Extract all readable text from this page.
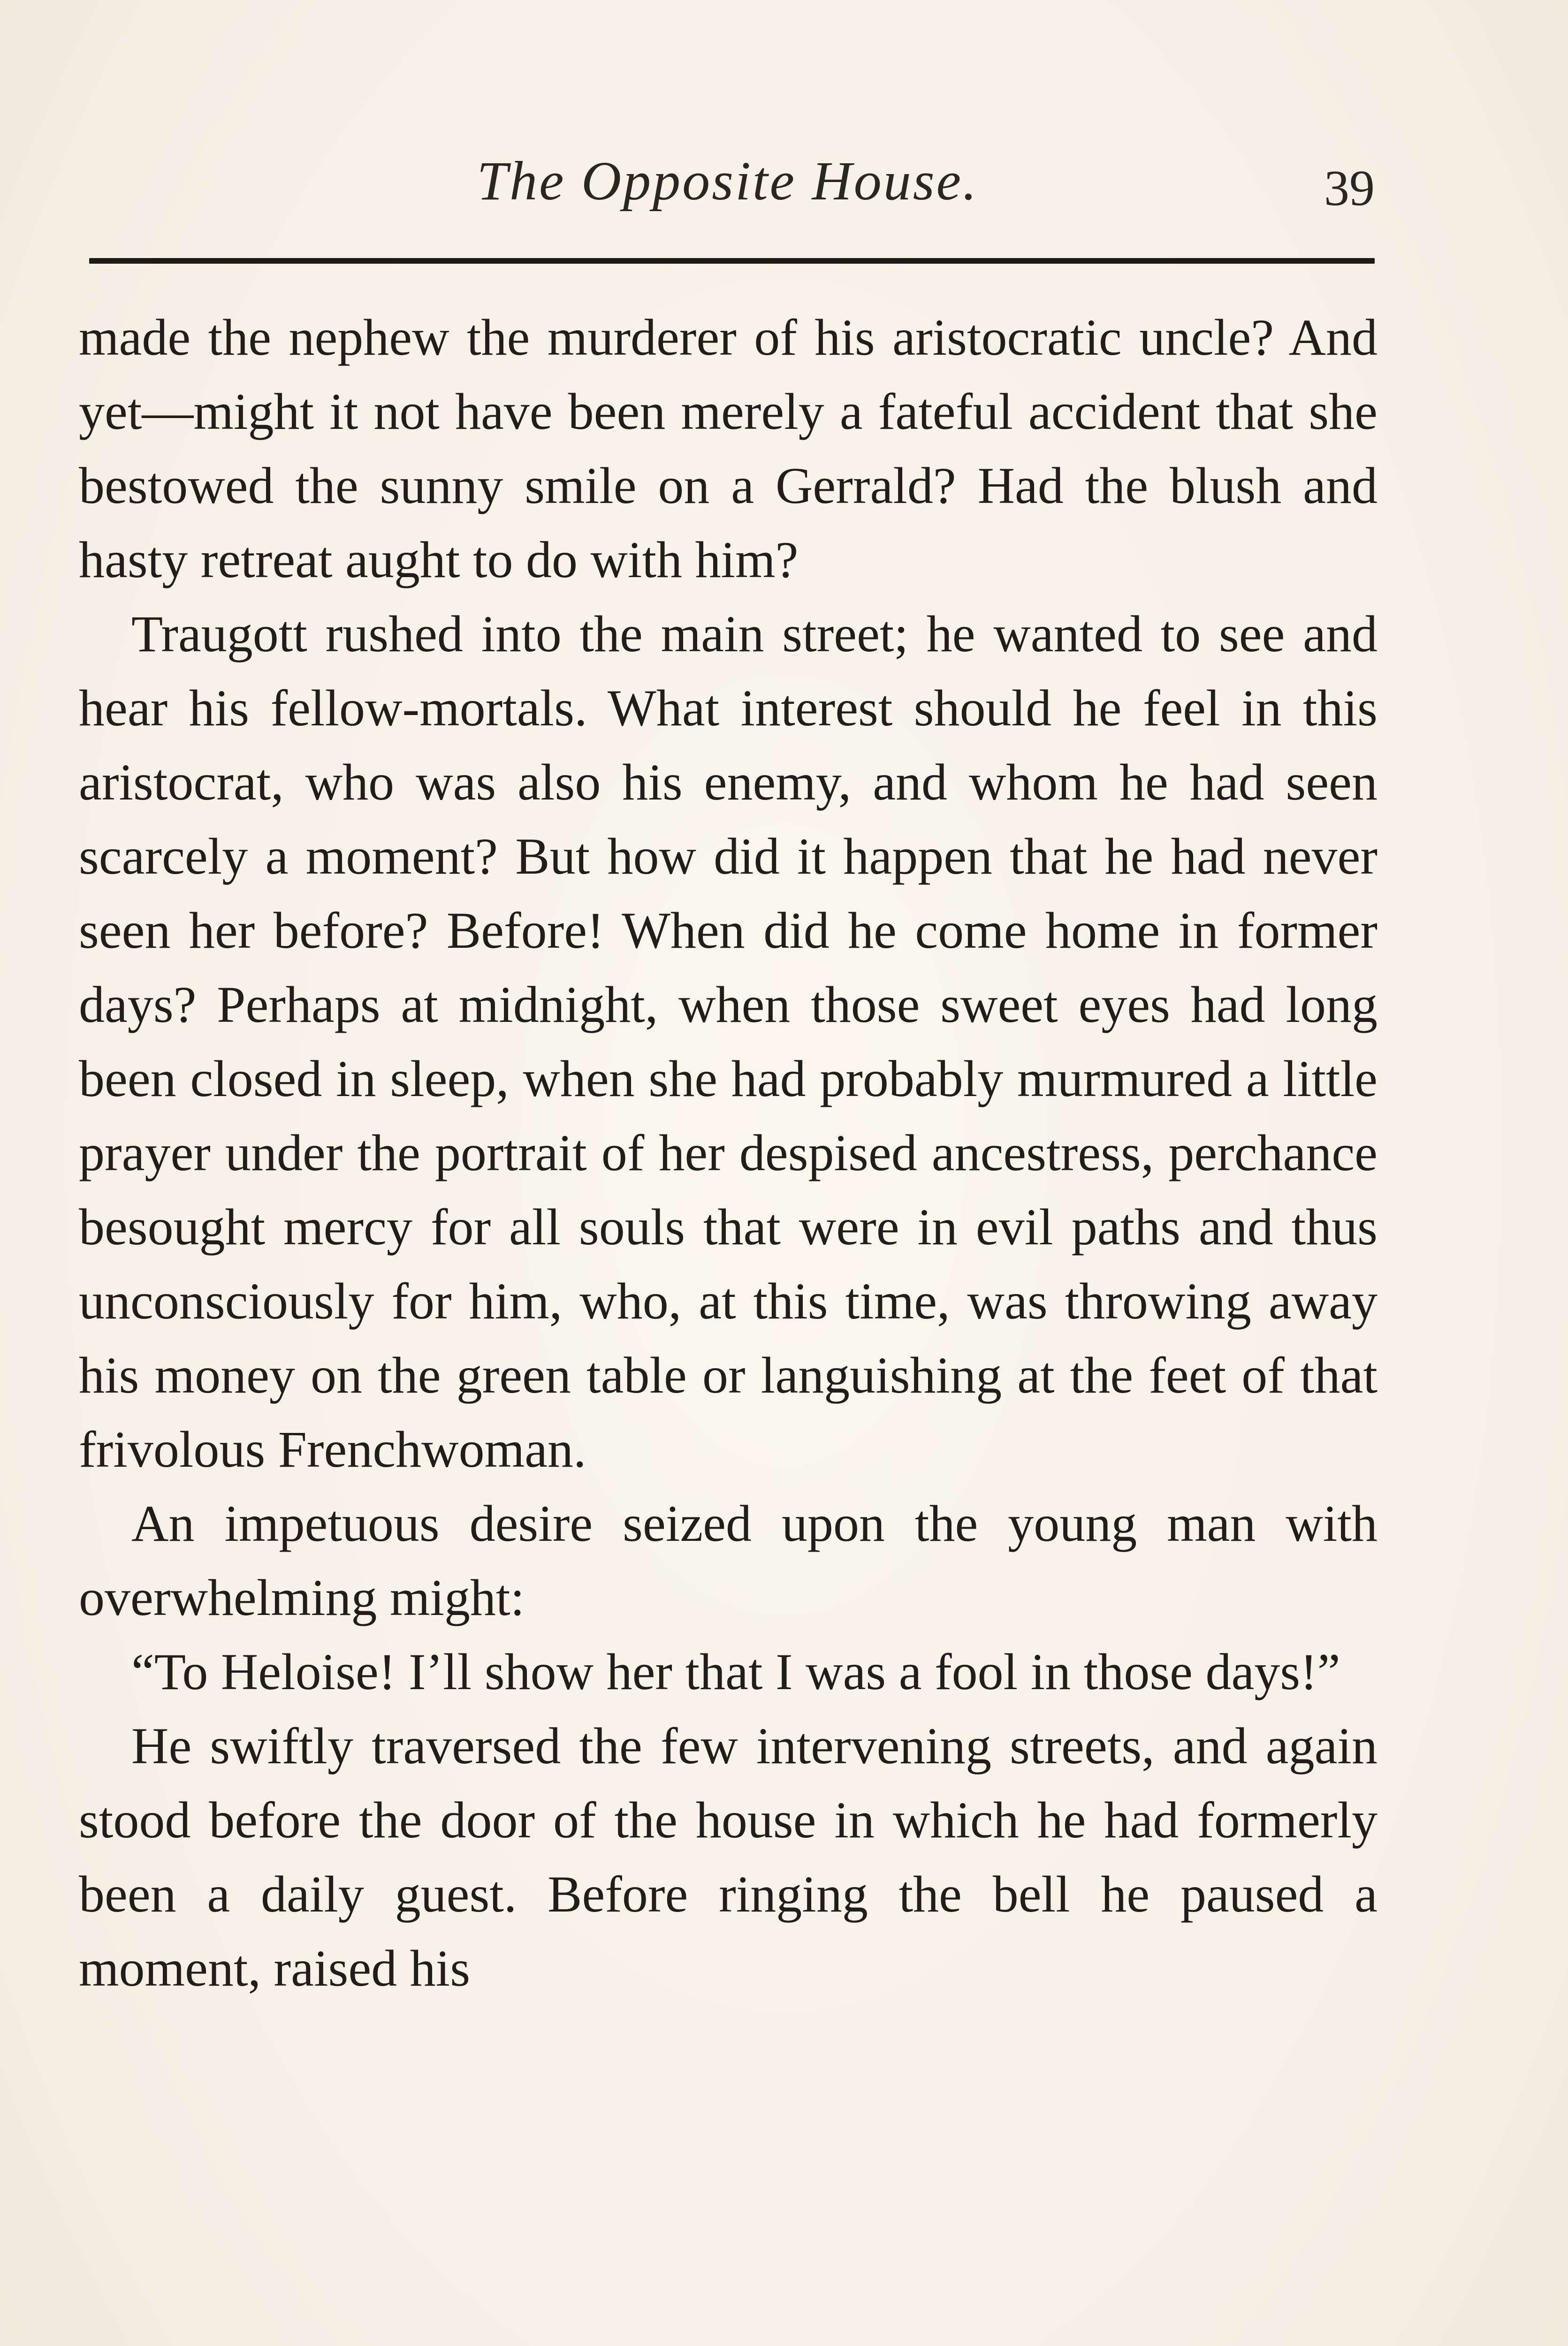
The Opposite House.	39

made the nephew the murderer of his aristocratic uncle? And yet—might it not have been merely a fateful accident that she bestowed the sunny smile on a Gerrald? Had the blush and hasty retreat aught to do with him?

Traugott rushed into the main street; he wanted to see and hear his fellow-mortals. What interest should he feel in this aristocrat, who was also his enemy, and whom he had seen scarcely a moment? But how did it happen that he had never seen her before? Before! When did he come home in former days? Perhaps at midnight, when those sweet eyes had long been closed in sleep, when she had probably murmured a little prayer under the portrait of her despised ancestress, perchance besought mercy for all souls that were in evil paths and thus unconsciously for him, who, at this time, was throwing away his money on the green table or languishing at the feet of that frivolous Frenchwoman.

An impetuous desire seized upon the young man with overwhelming might:

“To Heloise! I’ll show her that I was a fool in those days!”

He swiftly traversed the few intervening streets, and again stood before the door of the house in which he had formerly been a daily guest. Before ringing the bell he paused a moment, raised his
